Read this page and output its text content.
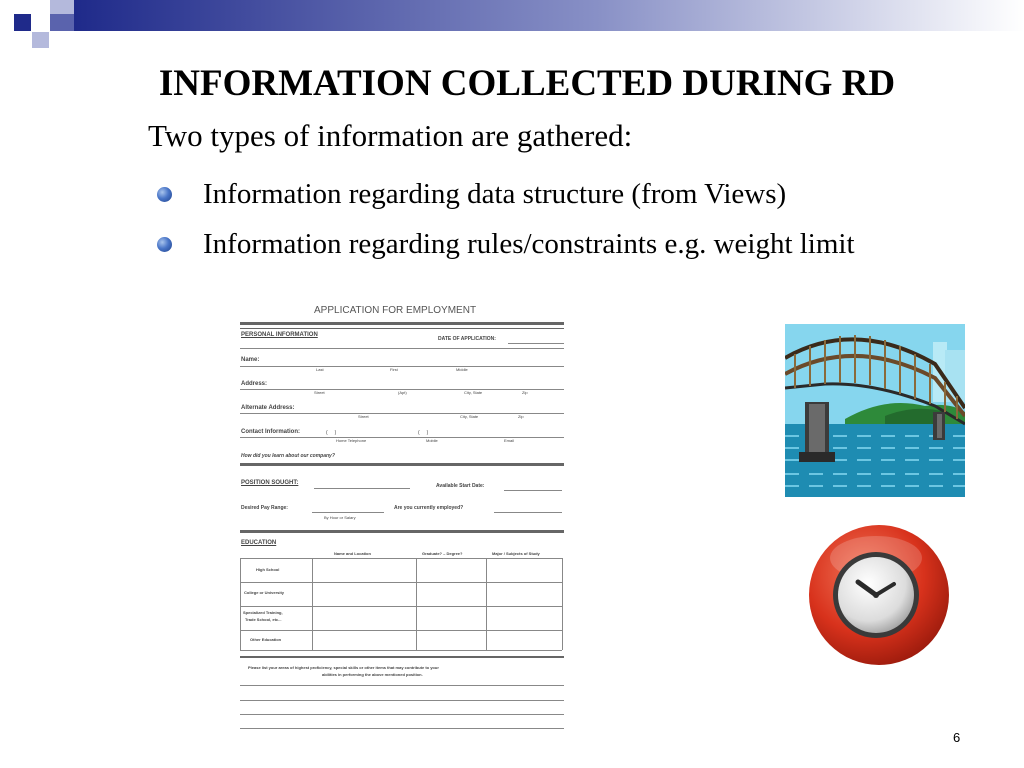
INFORMATION COLLECTED DURING RD
Two types of information are gathered:
Information regarding data structure (from Views)
Information regarding rules/constraints e.g. weight limit
APPLICATION FOR EMPLOYMENT
PERSONAL INFORMATION
DATE OF APPLICATION:
Name:
Last	First	Middle
Address:
Street	(Apt)	City, State	Zip
Alternate Address:
Street	City, State	Zip
Contact Information:	(     )	(     )
Home Telephone	Mobile	Email
How did you learn about our company?
POSITION SOUGHT:	Available Start Date:
Desired Pay Range:	Are you currently employed?
By Hour or Salary
EDUCATION
Name and Location	Graduate? – Degree?	Major / Subjects of Study
High School
College or University
Specialized Training,
Trade School, etc...
Other Education
Please list your areas of highest proficiency, special skills or other items that may contribute to your
abilities in performing the above mentioned position.
6
